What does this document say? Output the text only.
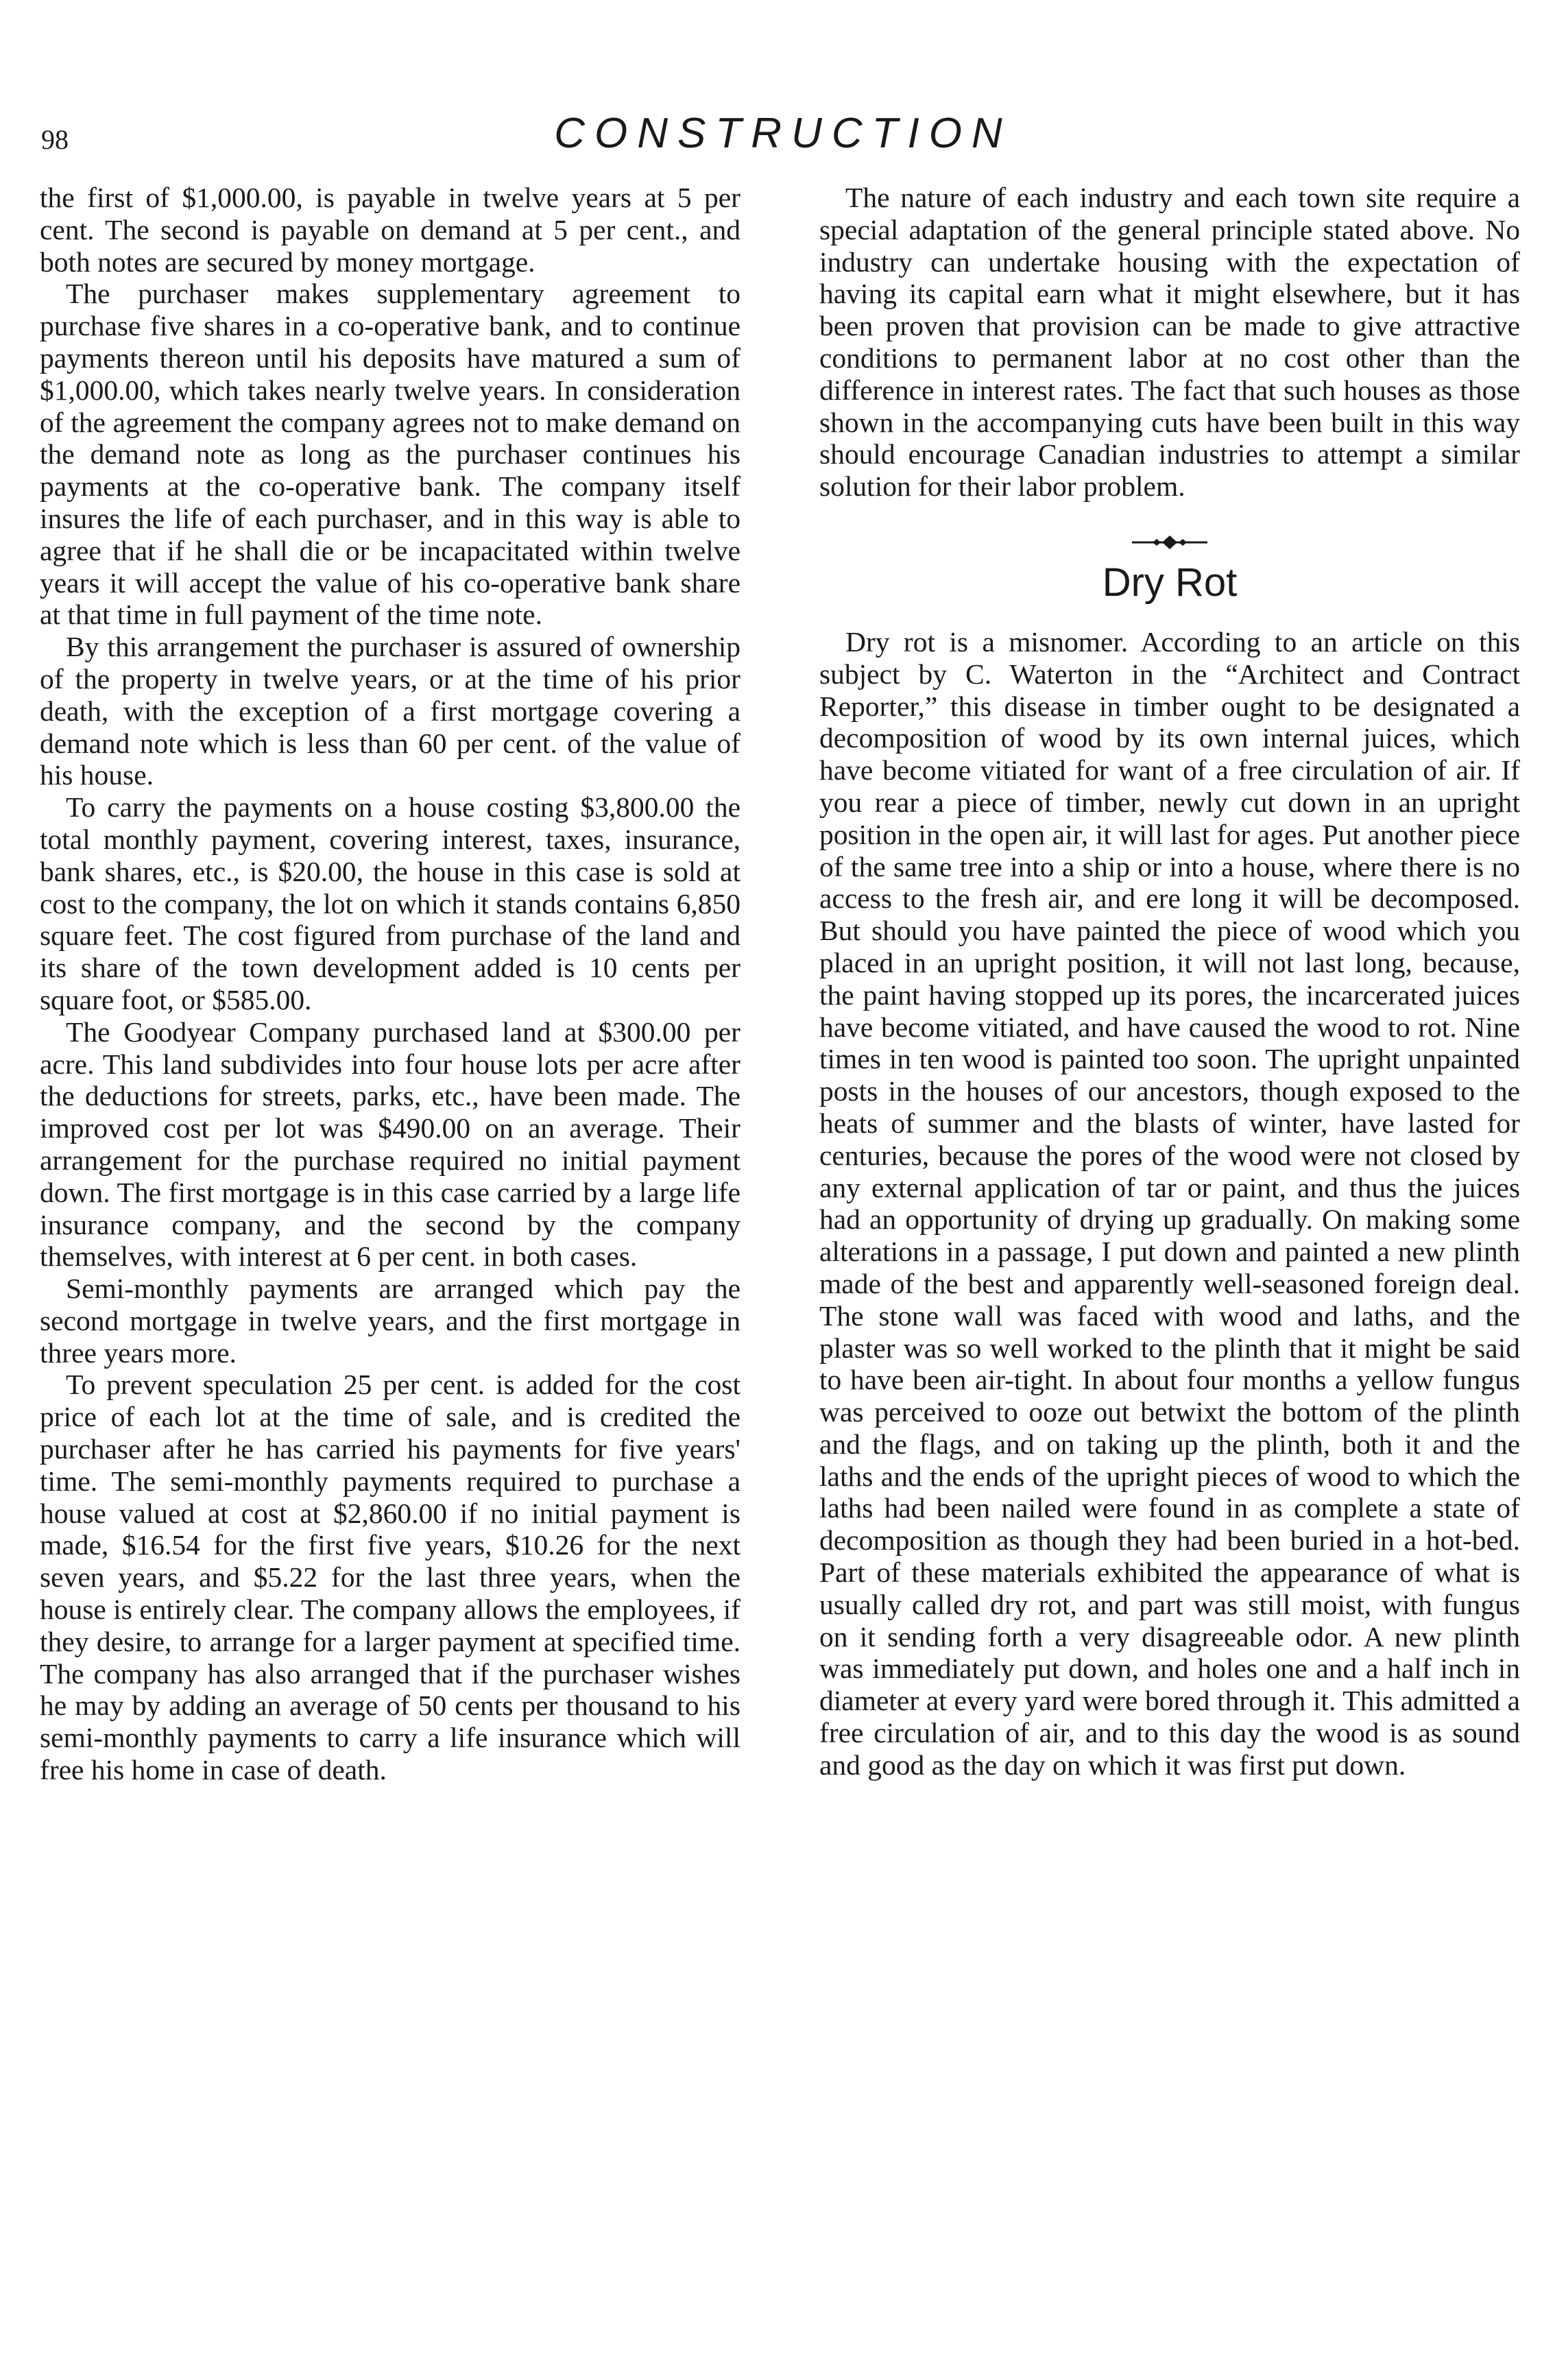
98	CONSTRUCTION

the first of $1,000.00, is payable in twelve years at 5 per cent. The second is payable on demand at 5 per cent., and both notes are secured by money mortgage.

The purchaser makes supplementary agreement to purchase five shares in a co-operative bank, and to continue payments thereon until his deposits have matured a sum of $1,000.00, which takes nearly twelve years. In consideration of the agreement the company agrees not to make demand on the demand note as long as the purchaser continues his payments at the co-operative bank. The company itself insures the life of each purchaser, and in this way is able to agree that if he shall die or be incapacitated within twelve years it will accept the value of his co-operative bank share at that time in full payment of the time note.

By this arrangement the purchaser is assured of ownership of the property in twelve years, or at the time of his prior death, with the exception of a first mortgage covering a demand note which is less than 60 per cent. of the value of his house.

To carry the payments on a house costing $3,800.00 the total monthly payment, covering interest, taxes, insurance, bank shares, etc., is $20.00, the house in this case is sold at cost to the company, the lot on which it stands contains 6,850 square feet. The cost figured from purchase of the land and its share of the town development added is 10 cents per square foot, or $585.00.

The Goodyear Company purchased land at $300.00 per acre. This land subdivides into four house lots per acre after the deductions for streets, parks, etc., have been made. The improved cost per lot was $490.00 on an average. Their arrangement for the purchase required no initial payment down. The first mortgage is in this case carried by a large life insurance company, and the second by the company themselves, with interest at 6 per cent. in both cases.

Semi-monthly payments are arranged which pay the second mortgage in twelve years, and the first mortgage in three years more.

To prevent speculation 25 per cent. is added for the cost price of each lot at the time of sale, and is credited the purchaser after he has carried his payments for five years' time. The semi-monthly payments required to purchase a house valued at cost at $2,860.00 if no initial payment is made, $16.54 for the first five years, $10.26 for the next seven years, and $5.22 for the last three years, when the house is entirely clear. The company allows the employees, if they desire, to arrange for a larger payment at specified time. The company has also arranged that if the purchaser wishes he may by adding an average of 50 cents per thousand to his semi-monthly payments to carry a life insurance which will free his home in case of death.

The nature of each industry and each town site require a special adaptation of the general principle stated above. No industry can undertake housing with the expectation of having its capital earn what it might elsewhere, but it has been proven that provision can be made to give attractive conditions to permanent labor at no cost other than the difference in interest rates. The fact that such houses as those shown in the accompanying cuts have been built in this way should encourage Canadian industries to attempt a similar solution for their labor problem.

Dry Rot

Dry rot is a misnomer. According to an article on this subject by C. Waterton in the “Architect and Contract Reporter,” this disease in timber ought to be designated a decomposition of wood by its own internal juices, which have become vitiated for want of a free circulation of air. If you rear a piece of timber, newly cut down in an upright position in the open air, it will last for ages. Put another piece of the same tree into a ship or into a house, where there is no access to the fresh air, and ere long it will be decomposed. But should you have painted the piece of wood which you placed in an upright position, it will not last long, because, the paint having stopped up its pores, the incarcerated juices have become vitiated, and have caused the wood to rot. Nine times in ten wood is painted too soon. The upright unpainted posts in the houses of our ancestors, though exposed to the heats of summer and the blasts of winter, have lasted for centuries, because the pores of the wood were not closed by any external application of tar or paint, and thus the juices had an opportunity of drying up gradually. On making some alterations in a passage, I put down and painted a new plinth made of the best and apparently well-seasoned foreign deal. The stone wall was faced with wood and laths, and the plaster was so well worked to the plinth that it might be said to have been air-tight. In about four months a yellow fungus was perceived to ooze out betwixt the bottom of the plinth and the flags, and on taking up the plinth, both it and the laths and the ends of the upright pieces of wood to which the laths had been nailed were found in as complete a state of decomposition as though they had been buried in a hot-bed. Part of these materials exhibited the appearance of what is usually called dry rot, and part was still moist, with fungus on it sending forth a very disagreeable odor. A new plinth was immediately put down, and holes one and a half inch in diameter at every yard were bored through it. This admitted a free circulation of air, and to this day the wood is as sound and good as the day on which it was first put down.
